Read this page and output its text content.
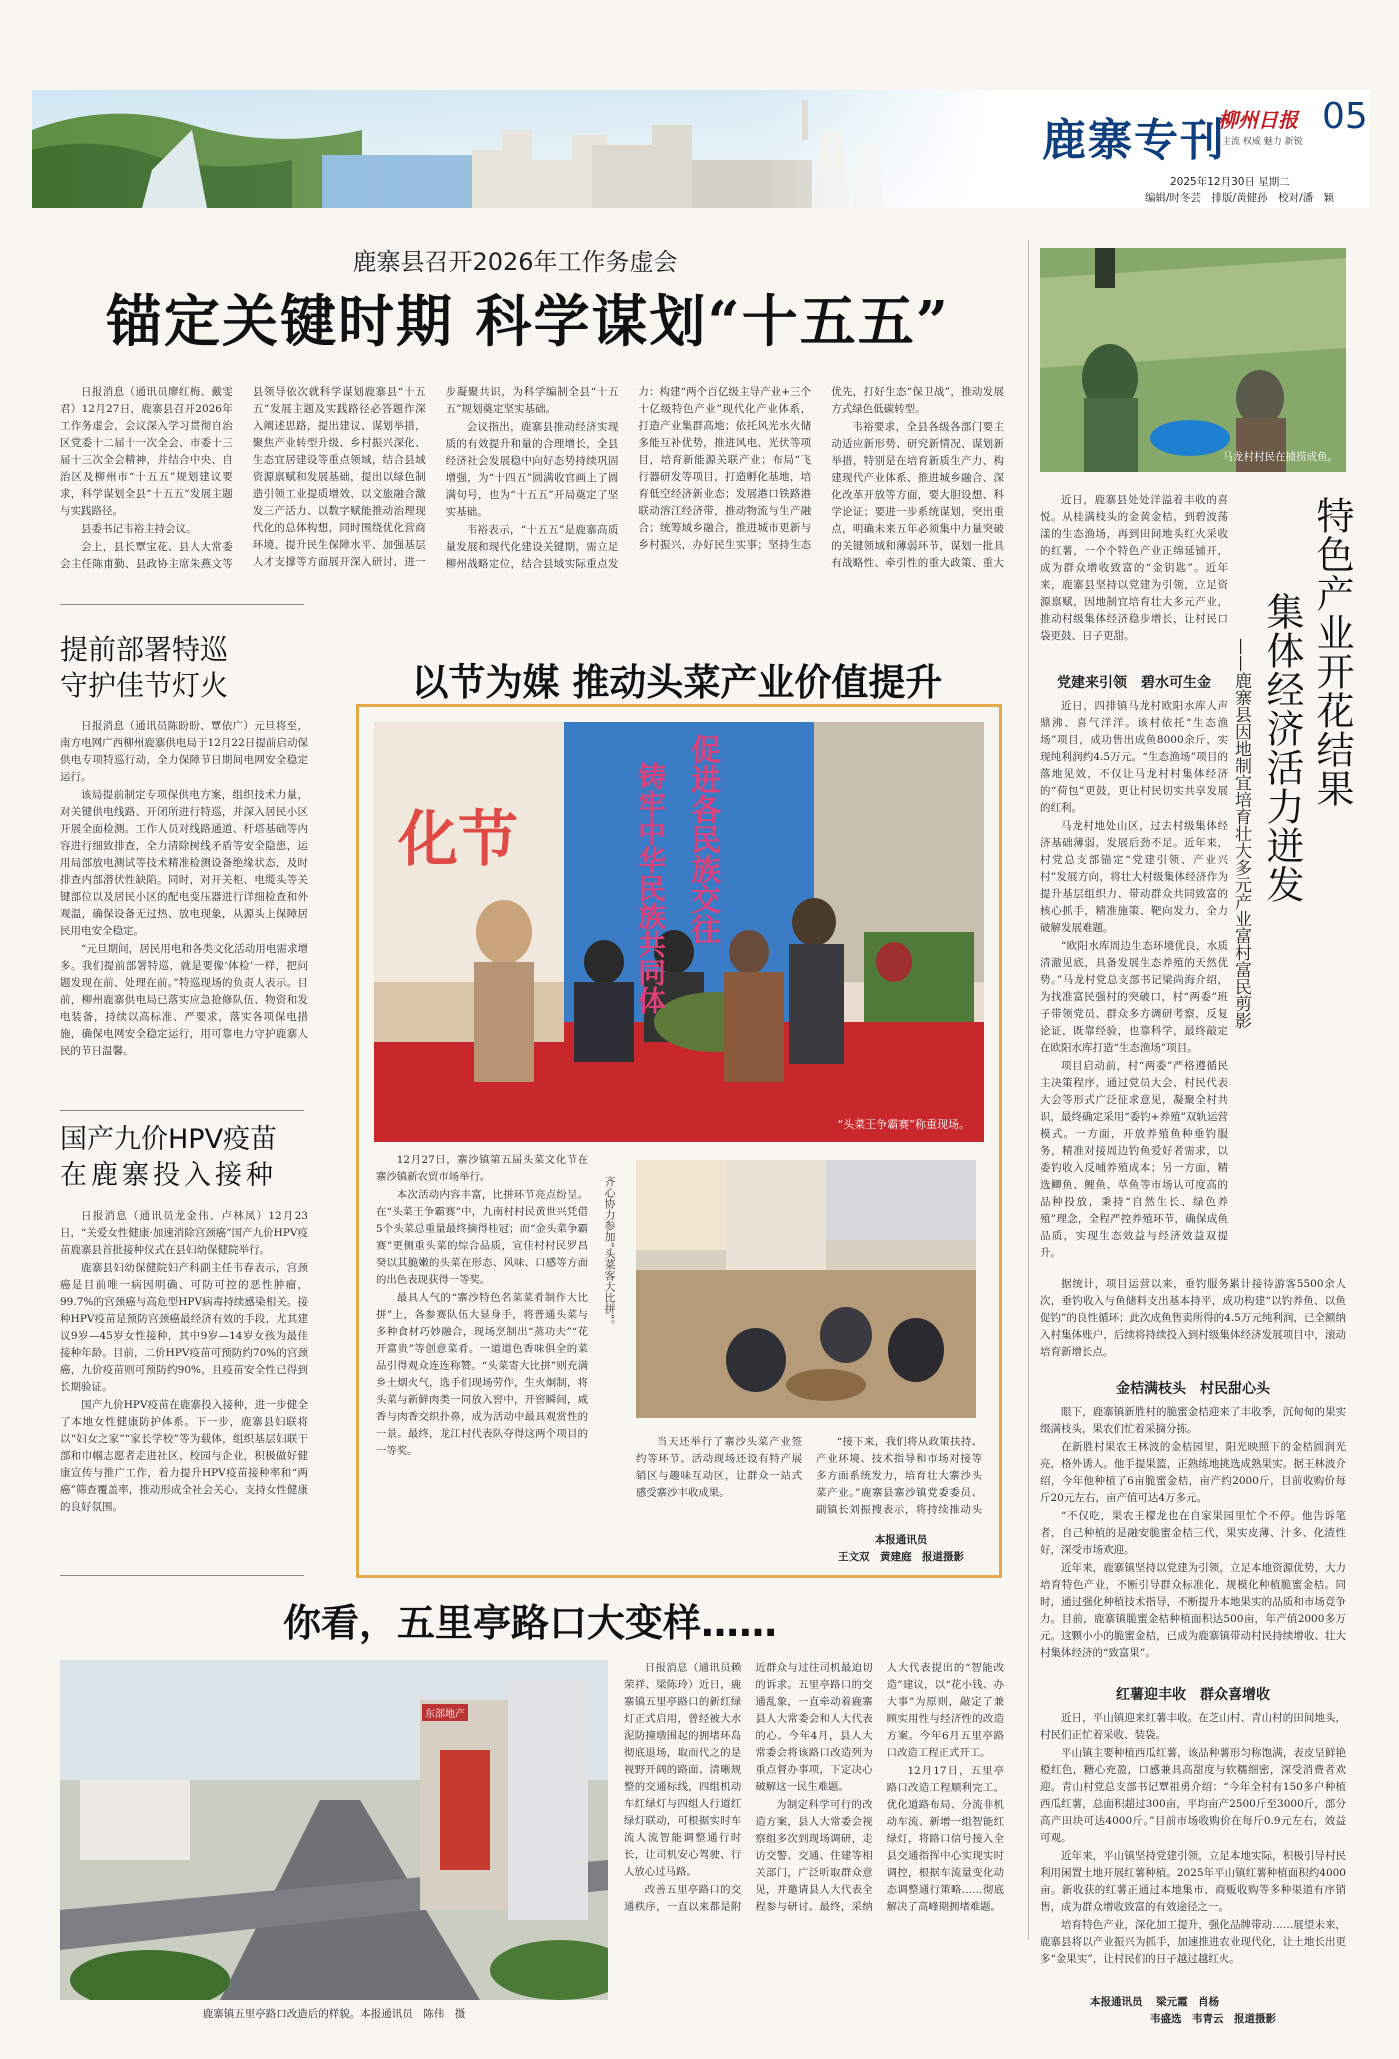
鹿寨专刊
柳州日报
主流 权威 魅力 新锐
05
2025年12月30日 星期二
编辑/时冬芸　排版/黄健孙　校对/潘　颖
鹿寨县召开2026年工作务虚会
锚定关键时期 科学谋划“十五五”

日报消息（通讯员廖红梅、戴雯君）12月27日，鹿寨县召开2026年工作务虚会，会议深入学习贯彻自治区党委十二届十一次全会、市委十三届十三次全会精神，并结合中央、自治区及柳州市“十五五”规划建议要求，科学谋划全县“十五五”发展主题与实践路径。

县委书记韦裕主持会议。

会上，县长覃宝花、县人大常委会主任陈甫勤、县政协主席朱燕文等县领导依次就科学谋划鹿寨县“十五五”发展主题及实践路径必答题作深入阐述思路，提出建议、谋划举措，聚焦产业转型升级、乡村振兴深化、生态宜居建设等重点领域，结合县域资源禀赋和发展基础，提出以绿色制造引领工业提质增效、以文旅融合激发三产活力、以数字赋能推动治理现代化的总体构想，同时围绕优化营商环境、提升民生保障水平、加强基层人才支撑等方面展开深入研讨，进一步凝聚共识，为科学编制全县“十五五”规划奠定坚实基础。

会议指出，鹿寨县推动经济实现质的有效提升和量的合理增长，全县经济社会发展稳中向好态势持续巩固增强，为“十四五”圆满收官画上了圆满句号，也为“十五五”开局奠定了坚实基础。

韦裕表示，“十五五”是鹿寨高质量发展和现代化建设关键期，需立足柳州战略定位，结合县域实际重点发力：构建“两个百亿级主导产业+三个十亿级特色产业”现代化产业体系，打造产业集群高地；依托风光水火储多能互补优势，推进风电、光伏等项目，培育新能源关联产业；布局“飞行器研发等项目，打造孵化基地，培育低空经济新业态；发展港口铁路港联动溶江经济带，推动物流与生产融合；统筹域乡融合，推进城市更新与乡村振兴，办好民生实事；坚持生态优先，打好生态“保卫战”，推动发展方式绿色低碳转型。

韦裕要求，全县各级各部门要主动适应新形势、研究新情况、谋划新举措，特别是在培育新质生产力、构建现代产业体系、推进城乡融合、深化改革开放等方面，要大胆设想、科学论证；要进一步系统谋划，突出重点，明确未来五年必须集中力量突破的关键领域和薄弱环节，谋划一批具有战略性、牵引性的重大政策、重大

提前部署特巡
守护佳节灯火

日报消息（通讯员陈盼盼、覃依广）元旦将至，南方电网广西柳州鹿寨供电局于12月22日提前启动保供电专项特巡行动，全力保障节日期间电网安全稳定运行。

该局提前制定专项保供电方案，组织技术力量，对关键供电线路、开闭所进行特巡，并深入居民小区开展全面检测。工作人员对线路通道、杆塔基础等内容进行细致排查，全力清除树线矛盾等安全隐患，运用局部放电测试等技术精准检测设备绝缘状态，及时排查内部潜伏性缺陷。同时，对开关柜、电缆头等关键部位以及居民小区的配电变压器进行详细检查和外观温，确保设备无过热、放电现象，从源头上保障居民用电安全稳定。

“元旦期间，居民用电和各类文化活动用电需求增多。我们提前部署特巡，就是要像‘体检’一样，把问题发现在前、处理在前。”特巡现场的负责人表示。目前，柳州鹿寨供电局已落实应急抢修队伍、物资和发电装备，持续以高标准、严要求，落实各项保电措施，确保电网安全稳定运行，用可靠电力守护鹿寨人民的节日温馨。

国产九价HPV疫苗
在鹿寨投入接种

日报消息（通讯员龙金伟、卢林凤）12月23日，“关爱女性健康·加速消除宫颈癌”国产九价HPV疫苗鹿寨县首批接种仪式在县妇幼保健院举行。

鹿寨县妇幼保健院妇产科副主任韦春表示，宫颈癌是目前唯一病因明确、可防可控的恶性肿瘤，99.7%的宫颈癌与高危型HPV病毒持续感染相关。接种HPV疫苗是预防宫颈癌最经济有效的手段，尤其建议9岁—45岁女性接种，其中9岁—14岁女孩为最佳接种年龄。目前，二价HPV疫苗可预防约70%的宫颈癌，九价疫苗则可预防约90%，且疫苗安全性已得到长期验证。

国产九价HPV疫苗在鹿寨投入接种，进一步健全了本地女性健康防护体系。下一步，鹿寨县妇联将以“妇女之家”“家长学校”等为载体，组织基层妇联干部和巾帼志愿者走进社区、校园与企业，积极做好健康宣传与推广工作，着力提升HPV疫苗接种率和“两癌”筛查覆盖率，推动形成全社会关心、支持女性健康的良好氛围。

以节为媒 推动头菜产业价值提升
促进各民族交往
铸牢中华民族共同体
化节
“头菜王争霸赛”称重现场。
齐心协力参加“头菜客大比拼”。

12月27日，寨沙镇第五届头菜文化节在寨沙镇新农贸市场举行。

本次活动内容丰富，比拼环节亮点纷呈。在“头菜王争霸赛”中，九南村村民黄世兴凭借5个头菜总重量最终摘得桂冠；而“金头菜争霸赛”更侧重头菜的综合品质，宣佳村村民罗昌癸以其脆嫩的头菜在形态、风味、口感等方面的出色表现获得一等奖。

最具人气的“寨沙特色名菜菜肴制作大比拼”上，各参赛队伍大显身手，将普通头菜与多种食材巧妙融合，现场烹制出“蒸功夫”“花开富贵”等创意菜肴。一道道色香味俱全的菜品引得观众连连称赞。“头菜寄大比拼”则充满乡土烟火气，选手们现场劳作，生火炯制，将头菜与新鲜肉类一同放入窖中，开窖瞬间，咸香与肉香交织扑鼻，成为活动中最具观赏性的一景。最终，龙江村代表队夺得这两个项目的一等奖。

当天还举行了寨沙头菜产业签约等环节。活动现场还设有特产展销区与趣味互动区，让群众一站式感受寨沙丰收成果。

“接下来，我们将从政策扶持、产业环境、技术指导和市场对接等多方面系统发力，培育壮大寨沙头菜产业。”鹿寨县寨沙镇党委委员、副镇长刘振搜表示，将持续推动头

本报通讯员
王文双　黄建庭　报道摄影
你看，五里亭路口大变样……
东部地产
鹿寨镇五里亭路口改造后的样貌。本报通讯员　陈伟　摄

日报消息（通讯员赖荣祥、梁陈玲）近日，鹿寨镇五里亭路口的新红绿灯正式启用，曾经被大水泥防撞墩围起的拥堵环岛彻底退场，取而代之的是视野开阔的路面、清晰规整的交通标线，四组机动车红绿灯与四组人行道红绿灯联动，可根据实时车流人流智能调整通行时长，让司机安心驾驶、行人放心过马路。

改善五里亭路口的交通秩序，一直以来都是附近群众与过往司机最迫切的诉求。五里亭路口的交通乱象，一直牵动着鹿寨县人大常委会和人大代表的心。今年4月，县人大常委会将该路口改造列为重点督办事项，下定决心破解这一民生难题。

为制定科学可行的改造方案，县人大常委会视察组多次到现场调研，走访交警、交通、住建等相关部门，广泛听取群众意见，并邀请县人大代表全程参与研讨。最终，采纳人大代表提出的“智能改造”建议，以“花小钱、办大事”为原则，敲定了兼顾实用性与经济性的改造方案。今年6月五里亭路口改造工程正式开工。

12月17日，五里亭路口改造工程顺利完工。优化道路布局、分流非机动车流、新增一组智能红绿灯，将路口信号接入全县交通指挥中心实现实时调控，根据车流量变化动态调整通行策略……彻底解决了高峰期拥堵难题。

马龙村村民在捕捞成鱼。

近日，鹿寨县处处洋溢着丰收的喜悦。从桂满枝头的金黄金桔，到碧波荡漾的生态渔场，再到田间地头红火采收的红薯，一个个特色产业正绵延铺开，成为群众增收致富的“金钥匙”。近年来，鹿寨县坚持以党建为引领，立足资源禀赋，因地制宜培育壮大多元产业，推动村级集体经济稳步增长，让村民口袋更鼓、日子更甜。	特色产业开花结果
集体经济活力迸发
——鹿寨县因地制宜培育壮大多元产业富村富民剪影
党建来引领　碧水可生金

近日，四排镇马龙村欧阳水库人声鼎沸、喜气洋洋。该村依托“生态渔场”项目，成功售出成鱼8000余斤，实现纯利润约4.5万元。“生态渔场”项目的落地见效，不仅让马龙村村集体经济的“荷包”更鼓，更让村民切实共享发展的红利。

马龙村地处山区，过去村级集体经济基础薄弱，发展后劲不足。近年来，村党总支部锚定“党建引领、产业兴村”发展方向，将壮大村级集体经济作为提升基层组织力、带动群众共同致富的核心抓手，精准施策、靶向发力，全力破解发展难题。

“欧阳水库周边生态环境优良，水质清澈见底，具备发展生态养殖的天然优势。”马龙村党总支部书记梁尚海介绍，为找准富民强村的突破口，村“两委”班子带领党员、群众多方调研考察，反复论证，既靠经验，也靠科学，最终敲定在欧阳水库打造“生态渔场”项目。

项目启动前，村“两委”严格遵循民主决策程序，通过党员大会、村民代表大会等形式广泛征求意见，凝聚全村共识，最终确定采用“委钓+养殖”双轨运营模式。一方面，开放养殖鱼种垂钓服务，精准对接周边钓鱼爱好者需求，以委钓收入反哺养殖成本；另一方面，精选鲫鱼、鲤鱼、草鱼等市场认可度高的品种投放，秉持“自然生长、绿色养殖”理念，全程严控养殖环节，确保成鱼品质，实现生态效益与经济效益双提升。

据统计，项目运营以来，垂钓服务累计接待游客5500余人次，垂钓收入与鱼储料支出基本持平，成功构建“以钓养鱼、以鱼促钓”的良性循环；此次成鱼售卖所得的4.5万元纯利润，已全额纳入村集体账户，后续将持续投入到村级集体经济发展项目中，滚动培育新增长点。

金桔满枝头　村民甜心头

眼下，鹿寨镇新胜村的脆蜜金桔迎来了丰收季，沉甸甸的果实缀满枝头，果农们忙着采摘分拣。

在新胜村果农王林波的金桔园里，阳光映照下的金桔圆润光亮，格外诱人。他手提果篮，正熟练地挑选成熟果实。据王林波介绍，今年他种植了6亩脆蜜金桔，亩产约2000斤，目前收购价每斤20元左右，亩产值可达4万多元。

“不仅吃，果农王檬龙也在自家果园里忙个不停。他告诉笔者，自己种植的是融安脆蜜金桔三代，果实皮薄、汁多、化渣性好，深受市场欢迎。

近年来，鹿寨镇坚持以党建为引领，立足本地资源优势，大力培育特色产业，不断引导群众标准化、规模化种植脆蜜金桔。同时，通过强化种植技术指导，不断提升本地果实的品质和市场竞争力。目前，鹿寨镇脆蜜金桔种植面积达500亩，年产值2000多万元。这颗小小的脆蜜金桔，已成为鹿寨镇带动村民持续增收、壮大村集体经济的“致富果”。

红薯迎丰收　群众喜增收

近日，平山镇迎来红薯丰收。在芝山村、青山村的田间地头，村民们正忙着采收、装袋。

平山镇主要种植西瓜红薯，该品种薯形匀称饱满，表皮呈鲜艳橙红色，糖心充盈，口感兼具高甜度与软糯细密，深受消费者欢迎。青山村党总支部书记覃祖勇介绍：“今年全村有150多户种植西瓜红薯，总面积超过300亩，平均亩产2500斤至3000斤，部分高产田块可达4000斤。”目前市场收购价在每斤0.9元左右，效益可观。

近年来，平山镇坚持党建引领，立足本地实际，积极引导村民利用闲置土地开展红薯种植。2025年平山镇红薯种植面积约4000亩。新收获的红薯正通过本地集市、商贩收购等多种渠道有序销售，成为群众增收致富的有效途径之一。

培育特色产业，深化加工提升，强化品牌带动……展望未来，鹿寨县将以产业振兴为抓手，加速推进农业现代化，让土地长出更多“金果实”，让村民们的日子越过越红火。

本报通讯员 梁元霞　肖杨
韦盛选　韦青云　报道摄影
